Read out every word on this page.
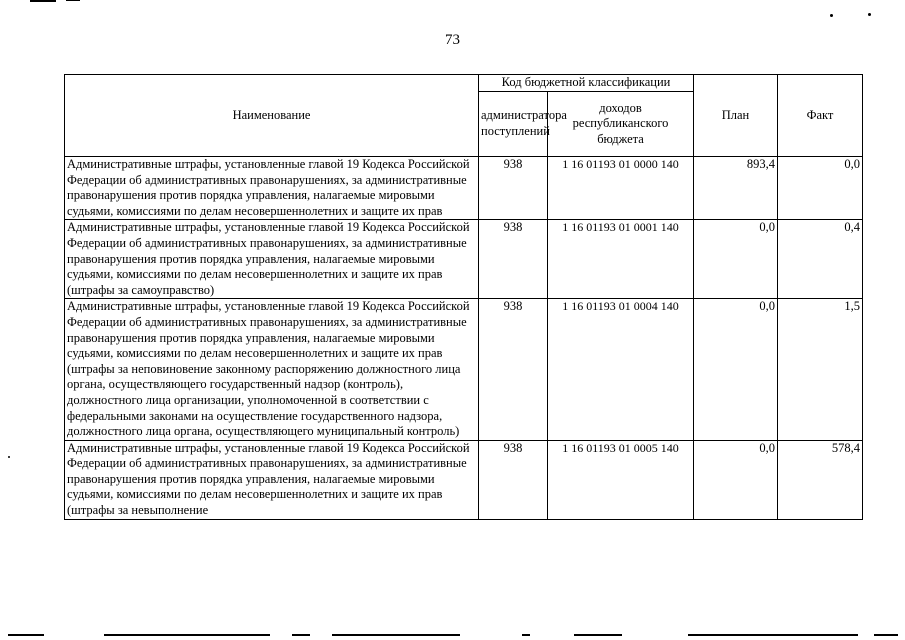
73
Наименование	Код бюджетной классификации		План	Факт
	администратора поступлений	доходов республиканского бюджета		
Административные штрафы, установленные главой 19 Кодекса Российской Федерации об административных правонарушениях, за административные правонарушения против порядка управления, налагаемые мировыми судьями, комиссиями по делам несовершеннолетних и защите их прав	938	1 16 01193 01 0000 140	893,4	0,0
Административные штрафы, установленные главой 19 Кодекса Российской Федерации об административных правонарушениях, за административные правонарушения против порядка управления, налагаемые мировыми судьями, комиссиями по делам несовершеннолетних и защите их прав (штрафы за самоуправство)	938	1 16 01193 01 0001 140	0,0	0,4
Административные штрафы, установленные главой 19 Кодекса Российской Федерации об административных правонарушениях, за административные правонарушения против порядка управления, налагаемые мировыми судьями, комиссиями по делам несовершеннолетних и защите их прав (штрафы за неповиновение законному распоряжению должностного лица органа, осуществляющего государственный надзор (контроль), должностного лица организации, уполномоченной в соответствии с федеральными законами на осуществление государственного надзора, должностного лица органа, осуществляющего муниципальный контроль)	938	1 16 01193 01 0004 140	0,0	1,5
Административные штрафы, установленные главой 19 Кодекса Российской Федерации об административных правонарушениях, за административные правонарушения против порядка управления, налагаемые мировыми судьями, комиссиями по делам несовершеннолетних и защите их прав (штрафы за невыполнение	938	1 16 01193 01 0005 140	0,0	578,4
